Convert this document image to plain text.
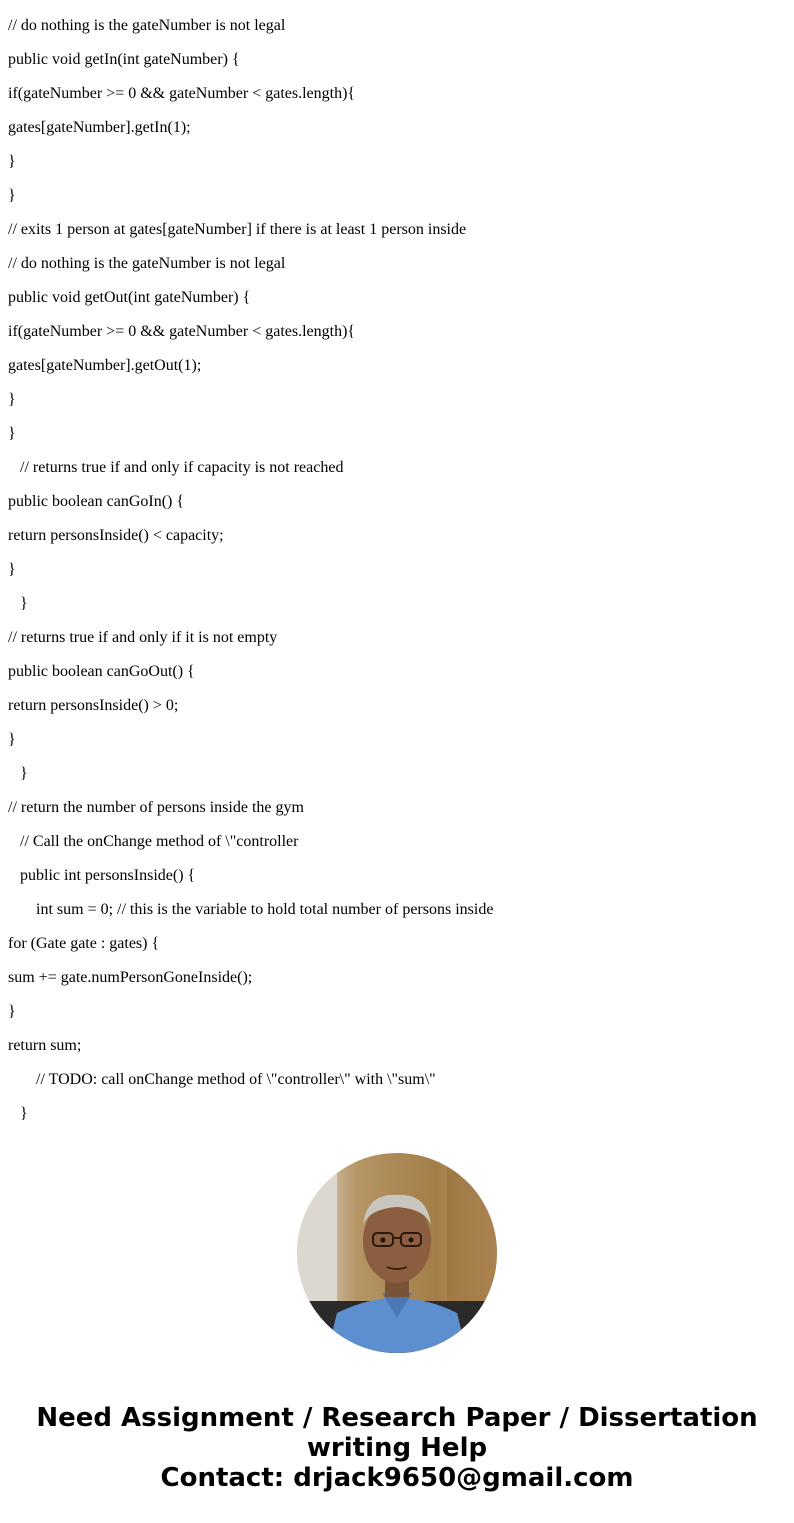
// do nothing is the gateNumber is not legal
public void getIn(int gateNumber) {
if(gateNumber >= 0 && gateNumber < gates.length){
gates[gateNumber].getIn(1);
}
}
// exits 1 person at gates[gateNumber] if there is at least 1 person inside
// do nothing is the gateNumber is not legal
public void getOut(int gateNumber) {
if(gateNumber >= 0 && gateNumber < gates.length){
gates[gateNumber].getOut(1);
}
}
// returns true if and only if capacity is not reached
public boolean canGoIn() {
return personsInside() < capacity;
}
}
// returns true if and only if it is not empty
public boolean canGoOut() {
return personsInside() > 0;
}
}
// return the number of persons inside the gym
// Call the onChange method of \"controller
public int personsInside() {
int sum = 0; // this is the variable to hold total number of persons inside
for (Gate gate : gates) {
sum += gate.numPersonGoneInside();
}
return sum;
// TODO: call onChange method of \"controller\" with \"sum\"
}
Need Assignment / Research Paper / Dissertation
writing Help
Contact: drjack9650@gmail.com
